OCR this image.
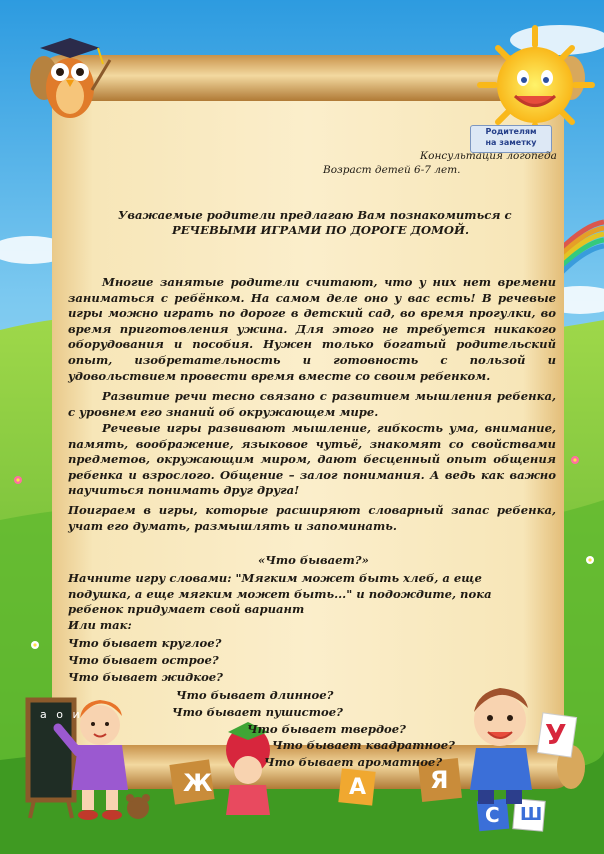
а о и
Ж	А	Я
У
С Ш
Родителям
на заметку
Консультация логопеда
Возраст детей 6-7 лет.
Уважаемые родители предлагаю Вам познакомиться с
РЕЧЕВЫМИ ИГРАМИ ПО ДОРОГЕ ДОМОЙ.
Многие занятые родители считают, что у них нет времени заниматься с ребёнком. На самом деле оно у вас есть! В речевые игры можно играть по дороге в детский сад, во время прогулки, во время приготовления ужина. Для этого не требуется никакого оборудования и пособия. Нужен только богатый родительский опыт, изобретательность и готовность с пользой и удовольствием провести время вместе со своим ребенком.
Развитие речи тесно связано с развитием мышления ребенка, с уровнем его знаний об окружающем мире.
Речевые игры развивают мышление, гибкость ума, внимание, память, воображение, языковое чутьё, знакомят со свойствами предметов, окружающим миром, дают бесценный опыт общения ребенка и взрослого. Общение – залог понимания. А ведь как важно научиться понимать друг друга!
Поиграем в игры, которые расширяют словарный запас ребенка, учат его думать, размышлять и запоминать.
«Что бывает?»
Начните игру словами: "Мягким может быть хлеб, а еще подушка, а еще мягким может быть..." и подождите, пока ребенок придумает свой вариант
Или так:
Что бывает круглое?
Что бывает острое?
Что бывает жидкое?
Что бывает длинное?
Что бывает пушистое?
Что бывает твердое?
Что бывает квадратное?
Что бывает ароматное?
